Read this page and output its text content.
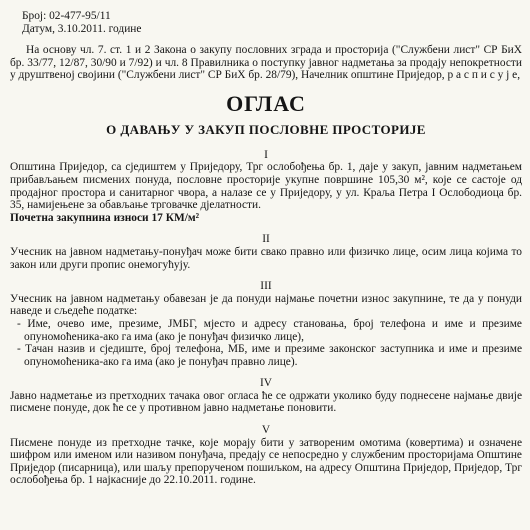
Број: 02-477-95/11

Датум, 3.10.2011. године

На основу чл. 7. ст. 1 и 2 Закона о закупу пословних зграда и просторија ("Службени лист" СР БиХ бр. 33/77, 12/87, 30/90 и 7/92) и чл. 8 Правилника о поступку јавног надметања за продају непокретности у друштвеној својини ("Службени лист" СР БиХ бр. 28/79), Начелник општине Приједор, р а с п и с у ј е,

ОГЛАС
О ДАВАЊУ У ЗАКУП ПОСЛОВНЕ ПРОСТОРИЈЕ

I

Општина Приједор, са сједиштем у Приједору, Трг ослобођења бр. 1, даје у закуп, јавним надметањем прибављањем писмених понуда, пословне просторије укупне површине 105,30 м², које се састоје од продајног простора и санитарног чвора, а налазе се у Приједору, у ул. Краља Петра I Ослободиоца бр. 35, намијењене за обављање трговачке дјелатности.

Почетна закупнина износи 17 КМ/м²

II

Учесник на јавном надметању-понуђач може бити свако правно или физичко лице, осим лица којима то закон или други пропис онемогућују.

III

Учесник на јавном надметању обавезан је да понуди најмање почетни износ закупнине, те да у понуди наведе и сљедеће податке:

- Име, очево име, презиме, ЈМБГ, мјесто и адресу становања, број телефона и име и презиме опуномоћеника-ако га има (ако је понуђач физичко лице),

- Тачан назив и сједиште, број телефона, МБ, име и презиме законског заступника и име и презиме опуномоћеника-ако га има (ако је понуђач правно лице).

IV

Јавно надметање из претходних тачака овог огласа ће се одржати уколико буду поднесене најмање двије писмене понуде, док ће се у противном јавно надметање поновити.

V

Писмене понуде из претходне тачке, које морају бити у затвореним омотима (ковертима) и означене шифром или именом или називом понуђача, предају се непосредно у службеним просторијама Општине Приједор (писарница), или шаљу препорученом пошиљком, на адресу Општина Приједор, Приједор, Трг ослобођења бр. 1 најкасније до 22.10.2011. године.
